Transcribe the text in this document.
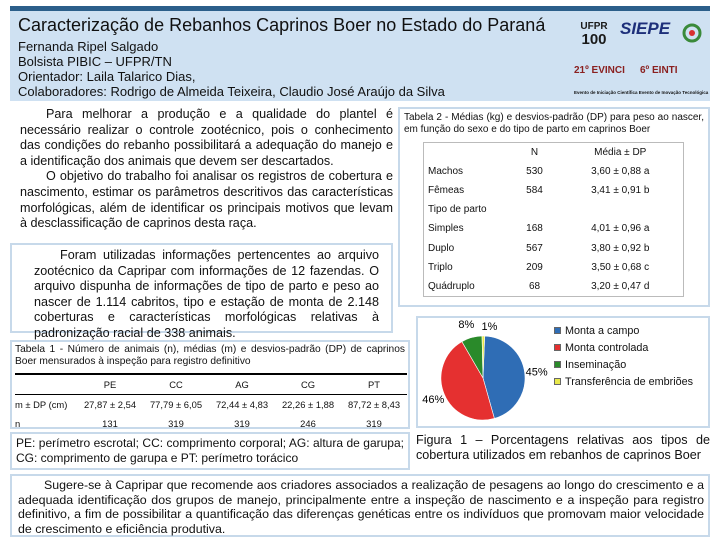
Caracterização de Rebanhos Caprinos Boer no Estado do Paraná
Fernanda Ripel Salgado
Bolsista PIBIC – UFPR/TN
Orientador: Laila Talarico Dias,
Colaboradores: Rodrigo de Almeida Teixeira, Claudio José Araújo da Silva
UFPR
100
SIEPE
21º EVINCI 6º EINTI
Evento de Iniciação Científica Evento de Inovação Tecnológica

Para melhorar a produção e a qualidade do plantel é necessário realizar o controle zootécnico, pois o conhecimento das condições do rebanho possibilitará a adequação do manejo e a identificação dos animais que devem ser descartados.

O objetivo do trabalho foi analisar os registros de cobertura e nascimento, estimar os parâmetros descritivos das características morfológicas, além de identificar os principais motivos que levam à desclassificação de caprinos desta raça.

Foram utilizadas informações pertencentes ao arquivo zootécnico da Capripar com informações de 12 fazendas. O arquivo dispunha de informações de tipo de parto e peso ao nascer de 1.114 cabritos, tipo e estação de monta de 2.148 coberturas e características morfológicas relativas à padronização racial de 338 animais.

Tabela 1 - Número de animais (n), médias (m) e desvios-padrão (DP) de caprinos Boer mensurados à inspeção para registro definitivo
	PE	CC	AG	CG	PT
m ± DP (cm)	27,87 ± 2,54	77,79 ± 6,05	72,44 ± 4,83	22,26 ± 1,88	87,72 ± 8,43
n	131	319	319	246	319

PE: perímetro escrotal; CC: comprimento corporal; AG: altura de garupa; CG: comprimento de garupa e PT: perímetro torácico

Tabela 2 - Médias (kg) e desvios-padrão (DP) para peso ao nascer, em função do sexo e do tipo de parto em caprinos Boer
	N	Média ± DP
Machos	530	3,60 ± 0,88 a
Fêmeas	584	3,41 ± 0,91 b
Tipo de parto		
Simples	168	4,01 ± 0,96 a
Duplo	567	3,80 ± 0,92 b
Triplo	209	3,50 ± 0,68 c
Quádruplo	68	3,20 ± 0,47 d
45%
46%
8% 1%	Monta a campo
Monta controlada
Inseminação
Transferência de embriões

Figura 1 – Porcentagens relativas aos tipos de cobertura utilizados em rebanhos de caprinos Boer

Sugere-se à Capripar que recomende aos criadores associados a realização de pesagens ao longo do crescimento e a adequada identificação dos grupos de manejo, principalmente entre a inspeção de nascimento e a inspeção para registro definitivo, a fim de possibilitar a quantificação das diferenças genéticas entre os indivíduos que promovam maior velocidade de crescimento e eficiência produtiva.
